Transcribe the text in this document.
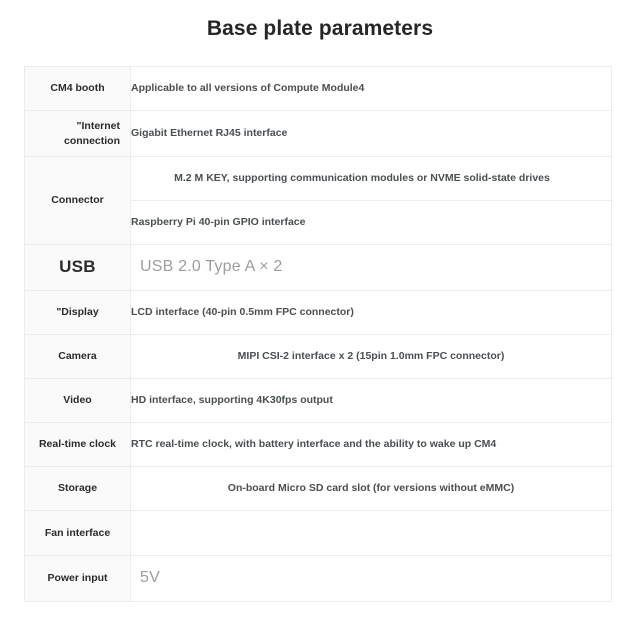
Base plate parameters
CM4 booth	Applicable to all versions of Compute Module4
"Internet connection	Gigabit Ethernet RJ45 interface
Connector	M.2 M KEY, supporting communication modules or NVME solid-state drives
	Raspberry Pi 40-pin GPIO interface
USB	USB 2.0 Type A × 2
"Display	LCD interface (40-pin 0.5mm FPC connector)
Camera	MIPI CSI-2 interface x 2 (15pin 1.0mm FPC connector)
Video	HD interface, supporting 4K30fps output
Real-time clock	RTC real-time clock, with battery interface and the ability to wake up CM4
Storage	On-board Micro SD card slot (for versions without eMMC)
Fan interface	
Power input	5V
